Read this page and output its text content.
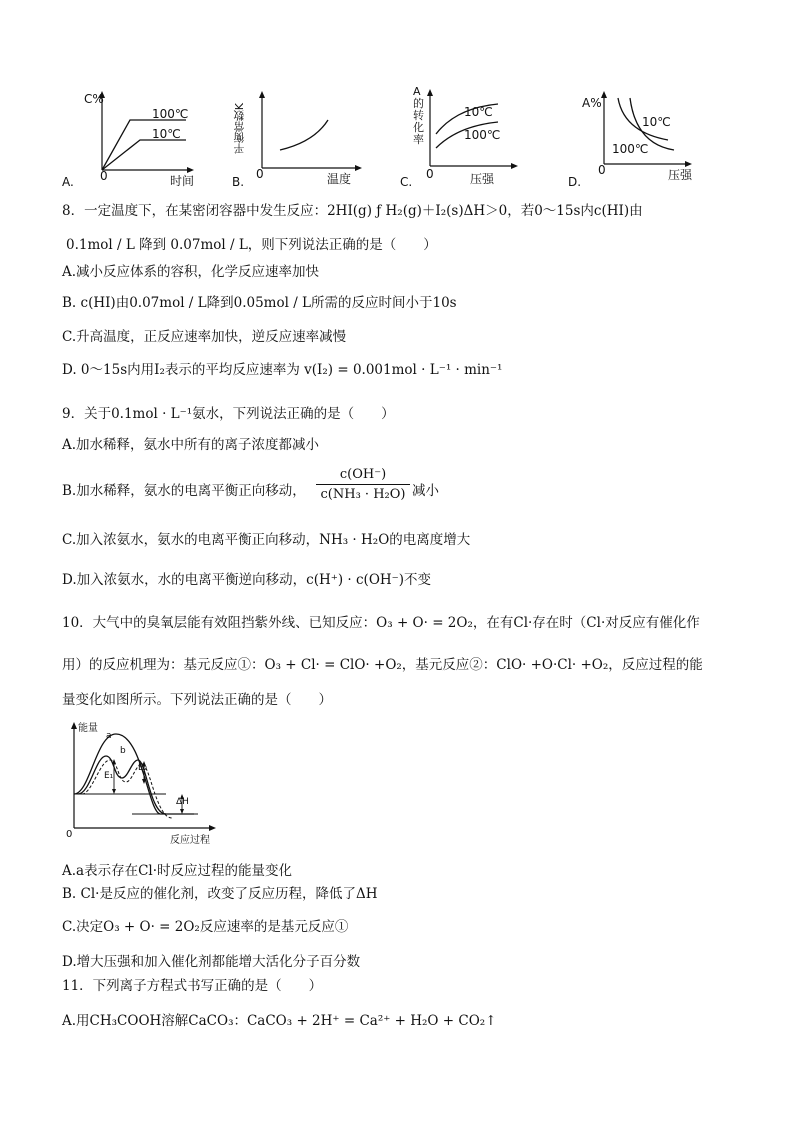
A.
C%
0	时间
100℃
10℃
B.
平衡常数K
0	温度	C.
A的转化率
0	压强
10℃
100℃
D.
A%
0	压强
10℃
100℃
8．一定温度下，在某密闭容器中发生反应：2HI(g) ƒ H₂(g)＋I₂(s)ΔH＞0，若0～15s内c(HI)由
0.1mol / L 降到 0.07mol / L，则下列说法正确的是（　　）
A.减小反应体系的容积，化学反应速率加快
B. c(HI)由0.07mol / L降到0.05mol / L所需的反应时间小于10s
C.升高温度，正反应速率加快，逆反应速率减慢
D. 0～15s内用I₂表示的平均反应速率为 v(I₂) = 0.001mol · L⁻¹ · min⁻¹
9．关于0.1mol · L⁻¹氨水，下列说法正确的是（　　）
A.加水稀释，氨水中所有的离子浓度都减小
B.加水稀释，氨水的电离平衡正向移动，
c(OH⁻)
c(NH₃ · H₂O) 减小
C.加入浓氨水，氨水的电离平衡正向移动，NH₃ · H₂O的电离度增大
D.加入浓氨水，水的电离平衡逆向移动，c(H⁺) · c(OH⁻)不变
10．大气中的臭氧层能有效阻挡紫外线、已知反应：O₃ + O· = 2O₂，在有Cl·存在时（Cl·对反应有催化作
用）的反应机理为：基元反应①：O₃ + Cl· = ClO· +O₂，基元反应②：ClO· +O·Cl· +O₂，反应过程的能
量变化如图所示。下列说法正确的是（　　）
能量
0
反应过程
a
b
E₁
E₂
ΔH
A.a表示存在Cl·时反应过程的能量变化
B. Cl·是反应的催化剂，改变了反应历程，降低了ΔH
C.决定O₃ + O· = 2O₂反应速率的是基元反应①
D.增大压强和加入催化剂都能增大活化分子百分数
11．下列离子方程式书写正确的是（　　）
A.用CH₃COOH溶解CaCO₃：CaCO₃ + 2H⁺ = Ca²⁺ + H₂O + CO₂↑
